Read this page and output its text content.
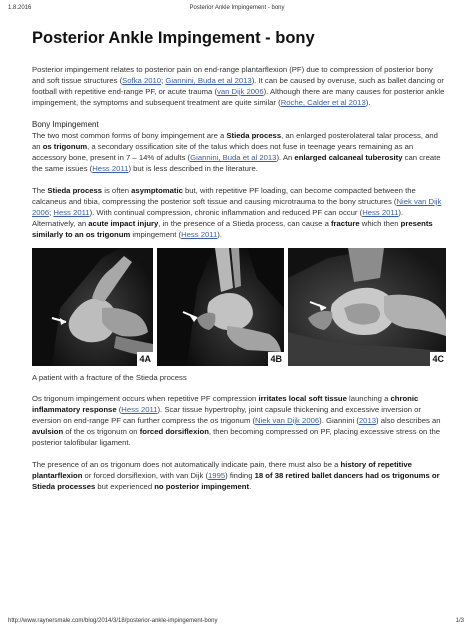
1.8.2016	Posterior Ankle Impingement - bony
Posterior Ankle Impingement - bony

Posterior impingement relates to posterior pain on end-range plantarflexion (PF) due to compression of posterior bony and soft tissue structures (Sofka 2010; Giannini, Buda et al 2013). It can be caused by overuse, such as ballet dancing or football with repetitive end-range PF, or acute trauma (van Dijk 2006). Although there are many causes for posterior ankle impingement, the symptoms and subsequent treatment are quite similar (Roche, Calder et al 2013).

Bony Impingement

The two most common forms of bony impingement are a Stieda process, an enlarged posterolateral talar process, and an os trigonum, a secondary ossification site of the talus which does not fuse in teenage years remaining as an accessory bone, present in 7 – 14% of adults (Giannini, Buda et al 2013). An enlarged calcaneal tuberosity can create the same issues (Hess 2011) but is less described in the literature.

The Stieda process is often asymptomatic but, with repetitive PF loading, can become compacted between the calcaneus and tibia, compressing the posterior soft tissue and causing microtrauma to the bony structures (Niek van Dijk 2006; Hess 2011). With continual compression, chronic inflammation and reduced PF can occur (Hess 2011). Alternatively, an acute impact injury, in the presence of a Stieda process, can cause a fracture which then presents similarly to an os trigonum impingement (Hess 2011).

4A	4B	4C
A patient with a fracture of the Stieda process

Os trigonum impingement occurs when repetitive PF compression irritates local soft tissue launching a chronic inflammatory response (Hess 2011). Scar tissue hypertrophy, joint capsule thickening and excessive inversion or eversion on end-range PF can further compress the os trigonum (Niek van Dijk 2006). Giannini (2013) also describes an avulsion of the os trigonum on forced dorsiflexion, then becoming compressed on PF, placing excessive stress on the posterior talofibular ligament.

The presence of an os trigonum does not automatically indicate pain, there must also be a history of repetitive plantarflexion or forced dorsiflexion, with van Dijk (1995) finding 18 of 38 retired ballet dancers had os trigonums or Stieda processes but experienced no posterior impingement.

http://www.raynersmale.com/blog/2014/3/18/posterior-ankle-impingement-bony	1/3
